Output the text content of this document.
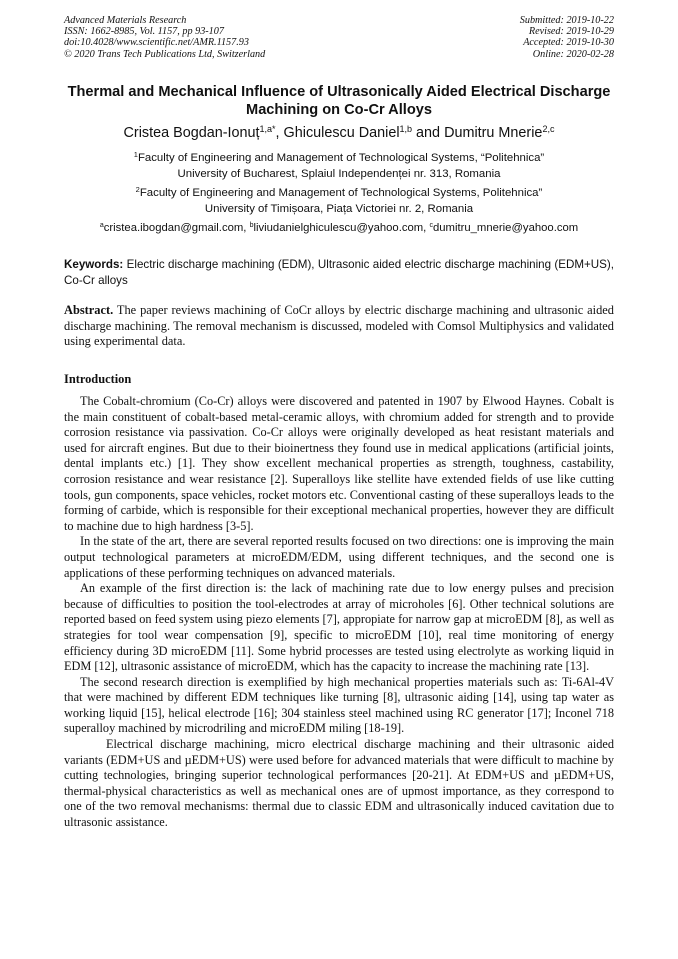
Advanced Materials Research
ISSN: 1662-8985, Vol. 1157, pp 93-107
doi:10.4028/www.scientific.net/AMR.1157.93
© 2020 Trans Tech Publications Ltd, Switzerland
Submitted: 2019-10-22
Revised: 2019-10-29
Accepted: 2019-10-30
Online: 2020-02-28
Thermal and Mechanical Influence of Ultrasonically Aided Electrical Discharge Machining on Co-Cr Alloys
Cristea Bogdan-Ionuț$^{1,a*}$, Ghiculescu Daniel$^{1,b}$ and Dumitru Mnerie$^{2,c}$
$^1$Faculty of Engineering and Management of Technological Systems, “Politehnica”
University of Bucharest, Splaiul Independenței nr. 313, Romania
$^2$Faculty of Engineering and Management of Technological Systems, Politehnica”
University of Timișoara, Piața Victoriei nr. 2, Romania
$^a$cristea.ibogdan@gmail.com, $^b$liviudanielghiculescu@yahoo.com, $^c$dumitru_mnerie@yahoo.com
Keywords: Electric discharge machining (EDM), Ultrasonic aided electric discharge machining (EDM+US), Co-Cr alloys
Abstract. The paper reviews machining of CoCr alloys by electric discharge machining and ultrasonic aided discharge machining. The removal mechanism is discussed, modeled with Comsol Multiphysics and validated using experimental data.
Introduction

The Cobalt-chromium (Co-Cr) alloys were discovered and patented in 1907 by Elwood Haynes. Cobalt is the main constituent of cobalt-based metal-ceramic alloys, with chromium added for strength and to provide corrosion resistance via passivation. Co-Cr alloys were originally developed as heat resistant materials and used for aircraft engines. But due to their bioinertness they found use in medical applications (artificial joints, dental implants etc.) [1]. They show excellent mechanical properties as strength, toughness, castability, corrosion resistance and wear resistance [2]. Superalloys like stellite have extended fields of use like cutting tools, gun components, space vehicles, rocket motors etc. Conventional casting of these superalloys leads to the forming of carbide, which is responsible for their exceptional mechanical properties, however they are difficult to machine due to high hardness [3-5].

In the state of the art, there are several reported results focused on two directions: one is improving the main output technological parameters at microEDM/EDM, using different techniques, and the second one is applications of these performing techniques on advanced materials.

An example of the first direction is: the lack of machining rate due to low energy pulses and precision because of difficulties to position the tool-electrodes at array of microholes [6]. Other technical solutions are reported based on feed system using piezo elements [7], appropiate for narrow gap at microEDM [8], as well as strategies for tool wear compensation [9], specific to microEDM [10], real time monitoring of energy efficiency during 3D microEDM [11]. Some hybrid processes are tested using electrolyte as working liquid in EDM [12], ultrasonic assistance of microEDM, which has the capacity to increase the machining rate [13].

The second research direction is exemplified by high mechanical properties materials such as: Ti-6Al-4V that were machined by different EDM techniques like turning [8], ultrasonic aiding [14], using tap water as working liquid [15], helical electrode [16]; 304 stainless steel machined using RC generator [17]; Inconel 718 superalloy machined by microdriling and microEDM miling [18-19].

Electrical discharge machining, micro electrical discharge machining and their ultrasonic aided variants (EDM+US and µEDM+US) were used before for advanced materials that were difficult to machine by cutting technologies, bringing superior technological performances [20-21]. At EDM+US and µEDM+US, thermal-physical characteristics as well as mechanical ones are of upmost importance, as they correspond to one of the two removal mechanisms: thermal due to classic EDM and ultrasonically induced cavitation due to ultrasonic assistance.
